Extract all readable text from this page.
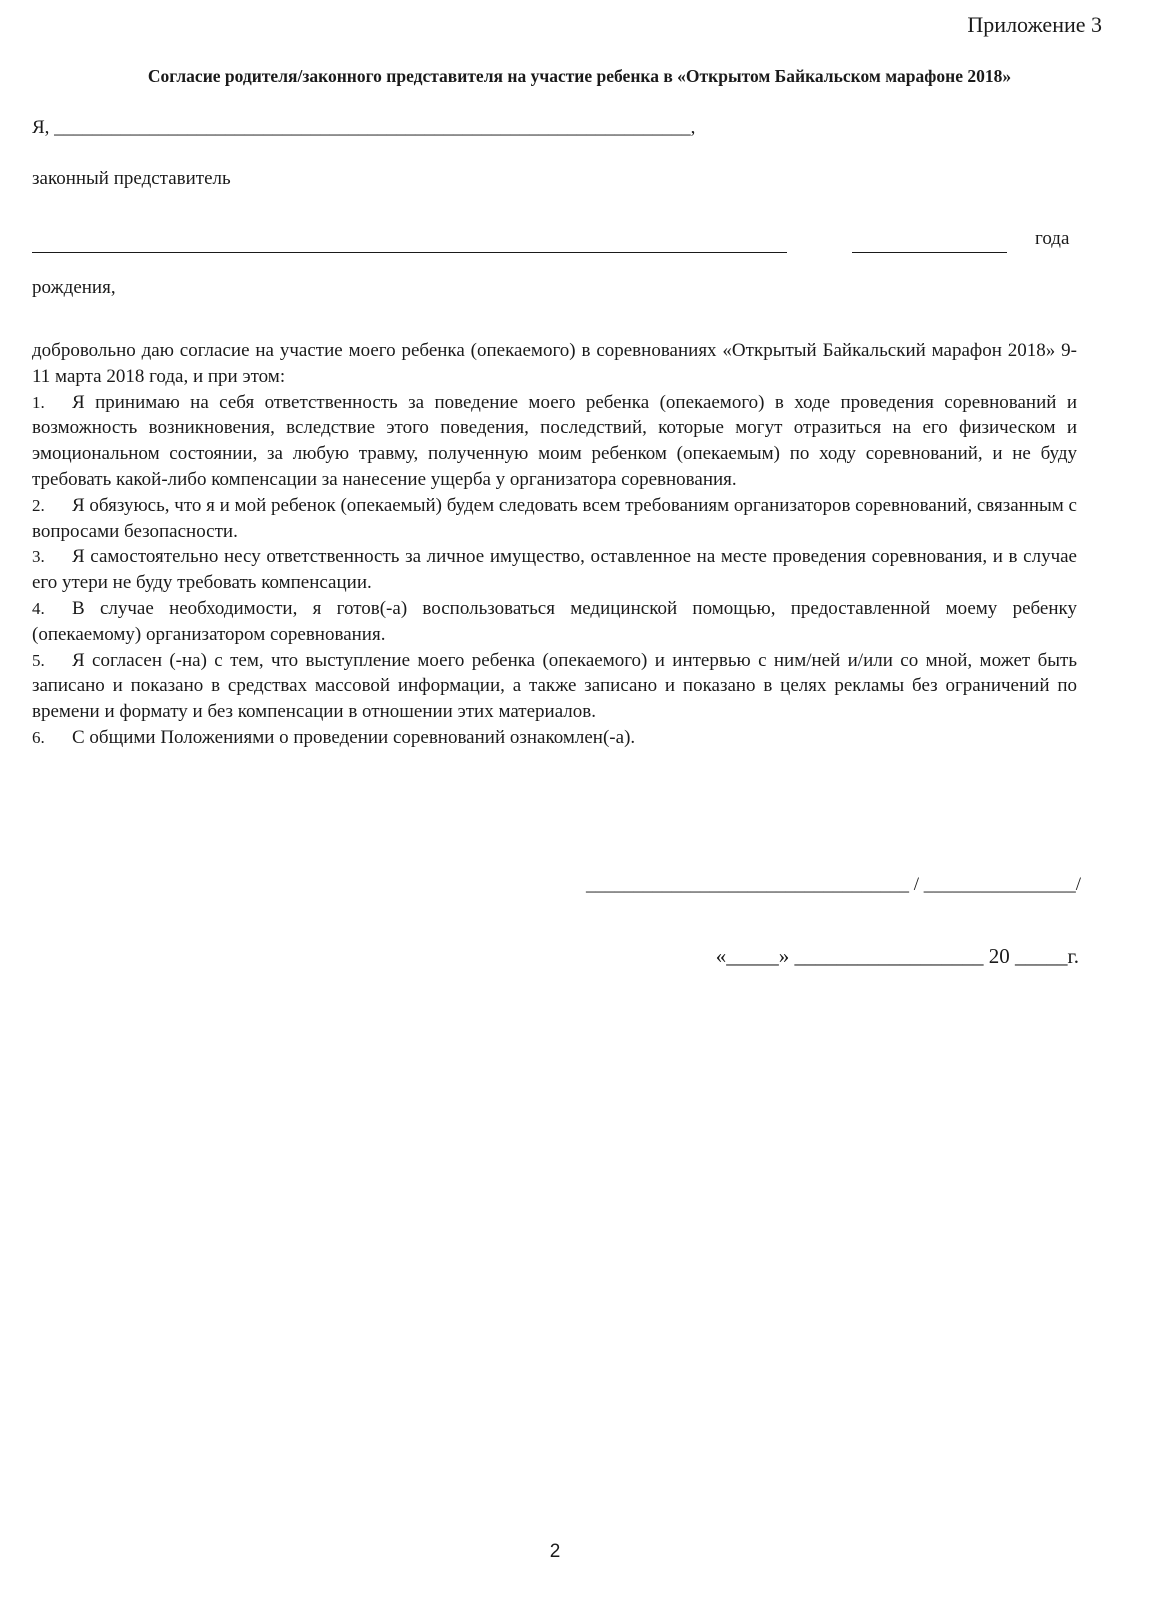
Приложение 3
Согласие родителя/законного представителя на участие ребенка в «Открытом Байкальском марафоне 2018»
Я, ___________________________________________________________________,
законный представитель
года
рождения,

добровольно даю согласие на участие моего ребенка (опекаемого) в соревнованиях «Открытый Байкальский марафон 2018» 9-11 марта 2018 года, и при этом:

1. Я принимаю на себя ответственность за поведение моего ребенка (опекаемого) в ходе проведения соревнований и возможность возникновения, вследствие этого поведения, последствий, которые могут отразиться на его физическом и эмоциональном состоянии, за любую травму, полученную моим ребенком (опекаемым) по ходу соревнований, и не буду требовать какой-либо компенсации за нанесение ущерба у организатора соревнования.
2. Я обязуюсь, что я и мой ребенок (опекаемый) будем следовать всем требованиям организаторов соревнований, связанным с вопросами безопасности.
3. Я самостоятельно несу ответственность за личное имущество, оставленное на месте проведения соревнования, и в случае его утери не буду требовать компенсации.
4. В случае необходимости, я готов(-а) воспользоваться медицинской помощью, предоставленной моему ребенку (опекаемому) организатором соревнования.
5. Я согласен (-на) с тем, что выступление моего ребенка (опекаемого) и интервью с ним/ней и/или со мной, может быть записано и показано в средствах массовой информации, а также записано и показано в целях рекламы без ограничений по времени и формату и без компенсации в отношении этих материалов.
6. С общими Положениями о проведении соревнований ознакомлен(-а).
__________________________________ / ________________/
«_____» __________________ 20 _____г.
2
